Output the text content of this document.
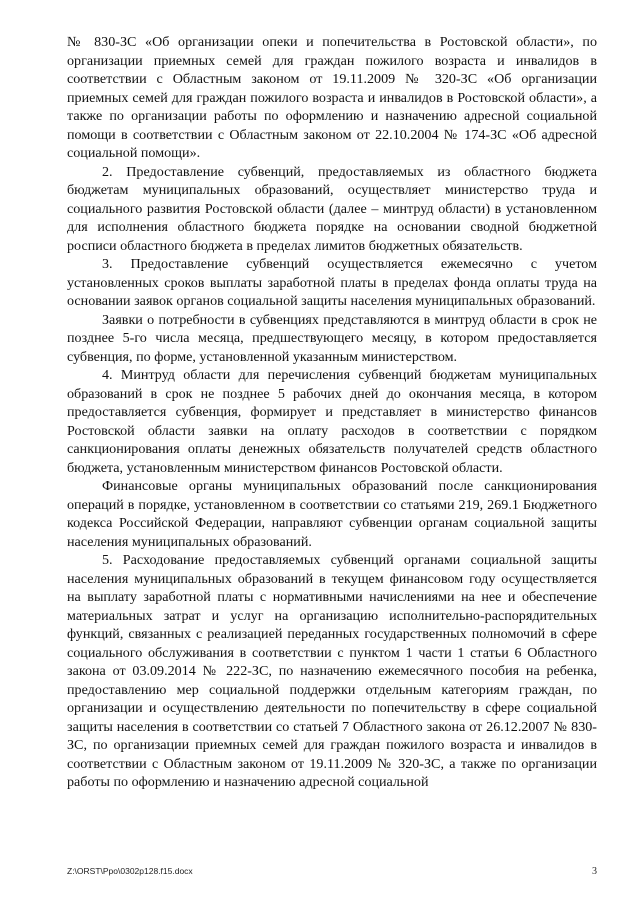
№ 830-ЗС «Об организации опеки и попечительства в Ростовской области», по организации приемных семей для граждан пожилого возраста и инвалидов в соответствии с Областным законом от 19.11.2009 № 320-ЗС «Об организации приемных семей для граждан пожилого возраста и инвалидов в Ростовской области», а также по организации работы по оформлению и назначению адресной социальной помощи в соответствии с Областным законом от 22.10.2004 № 174-ЗС «Об адресной социальной помощи».

2. Предоставление субвенций, предоставляемых из областного бюджета бюджетам муниципальных образований, осуществляет министерство труда и социального развития Ростовской области (далее – минтруд области) в установленном для исполнения областного бюджета порядке на основании сводной бюджетной росписи областного бюджета в пределах лимитов бюджетных обязательств.

3. Предоставление субвенций осуществляется ежемесячно с учетом установленных сроков выплаты заработной платы в пределах фонда оплаты труда на основании заявок органов социальной защиты населения муниципальных образований.

Заявки о потребности в субвенциях представляются в минтруд области в срок не позднее 5-го числа месяца, предшествующего месяцу, в котором предоставляется субвенция, по форме, установленной указанным министерством.

4. Минтруд области для перечисления субвенций бюджетам муниципальных образований в срок не позднее 5 рабочих дней до окончания месяца, в котором предоставляется субвенция, формирует и представляет в министерство финансов Ростовской области заявки на оплату расходов в соответствии с порядком санкционирования оплаты денежных обязательств получателей средств областного бюджета, установленным министерством финансов Ростовской области.

Финансовые органы муниципальных образований после санкционирования операций в порядке, установленном в соответствии со статьями 219, 269.1 Бюджетного кодекса Российской Федерации, направляют субвенции органам социальной защиты населения муниципальных образований.

5. Расходование предоставляемых субвенций органами социальной защиты населения муниципальных образований в текущем финансовом году осуществляется на выплату заработной платы с нормативными начислениями на нее и обеспечение материальных затрат и услуг на организацию исполнительно-распорядительных функций, связанных с реализацией переданных государственных полномочий в сфере социального обслуживания в соответствии с пунктом 1 части 1 статьи 6 Областного закона от 03.09.2014 № 222-ЗС, по назначению ежемесячного пособия на ребенка, предоставлению мер социальной поддержки отдельным категориям граждан, по организации и осуществлению деятельности по попечительству в сфере социальной защиты населения в соответствии со статьей 7 Областного закона от 26.12.2007 № 830-ЗС, по организации приемных семей для граждан пожилого возраста и инвалидов в соответствии с Областным законом от 19.11.2009 № 320-ЗС, а также по организации работы по оформлению и назначению адресной социальной

Z:\ORST\Ppo\0302p128.f15.docx	3
